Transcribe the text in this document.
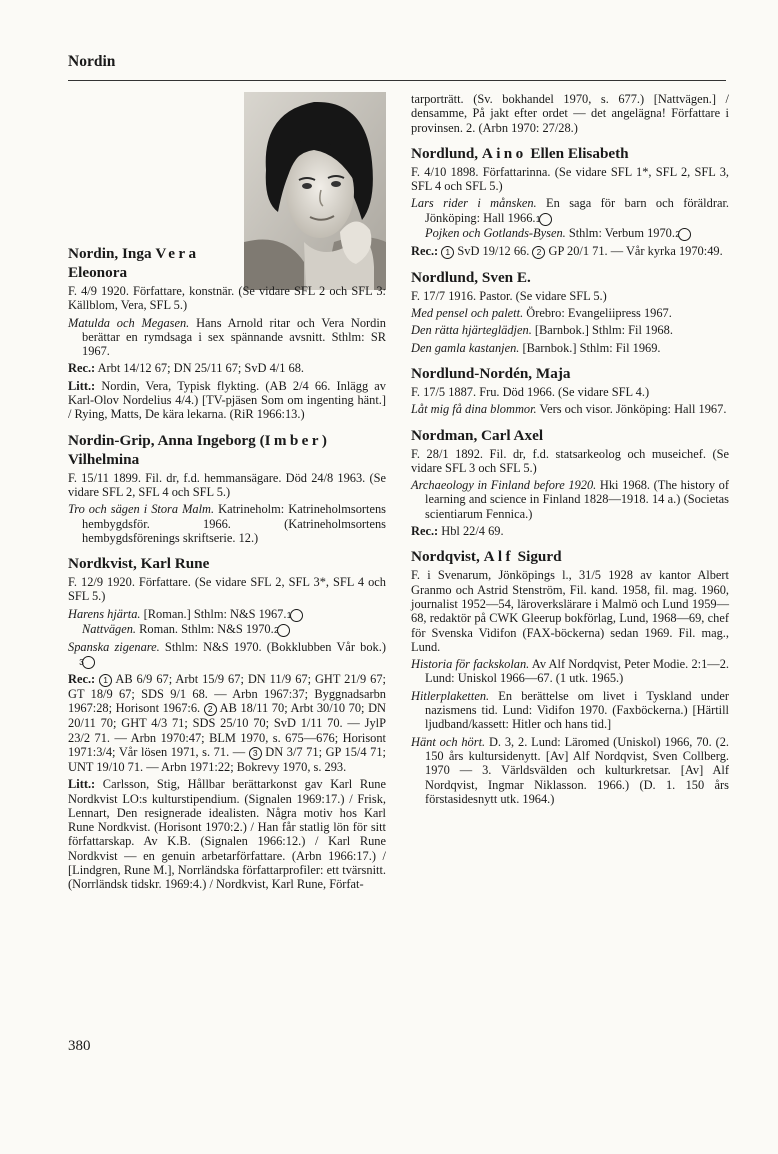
Nordin
Nordin, Inga Vera
Eleonora

F. 4/9 1920. Författare, konstnär. (Se vidare SFL 2 och SFL 3: Källblom, Vera, SFL 5.)

Matulda och Megasen. Hans Arnold ritar och Vera Nordin berättar en rymdsaga i sex spännande avsnitt. Sthlm: SR 1967.

Rec.: Arbt 14/12 67; DN 25/11 67; SvD 4/1 68.

Litt.: Nordin, Vera, Typisk flykting. (AB 2/4 66. Inlägg av Karl-Olov Nordelius 4/4.) [TV-pjäsen Som om ingenting hänt.] / Rying, Matts, De kära lekarna. (RiR 1966:13.)

Nordin-Grip, Anna Ingeborg (Imber) Vilhelmina

F. 15/11 1899. Fil. dr, f.d. hemmansägare. Död 24/8 1963. (Se vidare SFL 2, SFL 4 och SFL 5.)

Tro och sägen i Stora Malm. Katrineholm: Katrineholmsortens hembygdsför. 1966. (Katrineholmsortens hembygdsförenings skriftserie. 12.)

Nordkvist, Karl Rune

F. 12/9 1920. Författare. (Se vidare SFL 2, SFL 3*, SFL 4 och SFL 5.)

Harens hjärta. [Roman.] Sthlm: N&S 1967. 1
Nattvägen. Roman. Sthlm: N&S 1970. 2

Spanska zigenare. Sthlm: N&S 1970. (Bokklubben Vår bok.) 3

Rec.: 1 AB 6/9 67; Arbt 15/9 67; DN 11/9 67; GHT 21/9 67; GT 18/9 67; SDS 9/1 68. — Arbn 1967:37; Byggnadsarbn 1967:28; Horisont 1967:6. 2 AB 18/11 70; Arbt 30/10 70; DN 20/11 70; GHT 4/3 71; SDS 25/10 70; SvD 1/11 70. — JylP 23/2 71. — Arbn 1970:47; BLM 1970, s. 675—676; Horisont 1971:3/4; Vår lösen 1971, s. 71. — 3 DN 3/7 71; GP 15/4 71; UNT 19/10 71. — Arbn 1971:22; Bokrevy 1970, s. 293.

Litt.: Carlsson, Stig, Hållbar berättarkonst gav Karl Rune Nordkvist LO:s kulturstipendium. (Signalen 1969:17.) / Frisk, Lennart, Den resignerade idealisten. Några motiv hos Karl Rune Nordkvist. (Horisont 1970:2.) / Han får statlig lön för sitt författarskap. Av K.B. (Signalen 1966:12.) / Karl Rune Nordkvist — en genuin arbetarförfattare. (Arbn 1966:17.) / [Lindgren, Rune M.], Norrländska författarprofiler: ett tvärsnitt. (Norrländsk tidskr. 1969:4.) / Nordkvist, Karl Rune, Förfat-

tarporträtt. (Sv. bokhandel 1970, s. 677.) [Nattvägen.] / densamme, På jakt efter ordet — det angelägna! Författare i provinsen. 2. (Arbn 1970: 27/28.)

Nordlund, Aino Ellen Elisabeth

F. 4/10 1898. Författarinna. (Se vidare SFL 1*, SFL 2, SFL 3, SFL 4 och SFL 5.)

Lars rider i månsken. En saga för barn och föräldrar. Jönköping: Hall 1966. 1
Pojken och Gotlands-Bysen. Sthlm: Verbum 1970. 2

Rec.: 1 SvD 19/12 66. 2 GP 20/1 71. — Vår kyrka 1970:49.

Nordlund, Sven E.

F. 17/7 1916. Pastor. (Se vidare SFL 5.)

Med pensel och palett. Örebro: Evangeliipress 1967.

Den rätta hjärteglädjen. [Barnbok.] Sthlm: Fil 1968.

Den gamla kastanjen. [Barnbok.] Sthlm: Fil 1969.

Nordlund-Nordén, Maja

F. 17/5 1887. Fru. Död 1966. (Se vidare SFL 4.)

Låt mig få dina blommor. Vers och visor. Jönköping: Hall 1967.

Nordman, Carl Axel

F. 28/1 1892. Fil. dr, f.d. statsarkeolog och museichef. (Se vidare SFL 3 och SFL 5.)

Archaeology in Finland before 1920. Hki 1968. (The history of learning and science in Finland 1828—1918. 14 a.) (Societas scientiarum Fennica.)

Rec.: Hbl 22/4 69.

Nordqvist, Alf Sigurd

F. i Svenarum, Jönköpings l., 31/5 1928 av kantor Albert Granmo och Astrid Stenström, Fil. kand. 1958, fil. mag. 1960, journalist 1952—54, läroverkslärare i Malmö och Lund 1959—68, redaktör på CWK Gleerup bokförlag, Lund, 1968—69, chef för Svenska Vidifon (FAX-böckerna) sedan 1969. Fil. mag., Lund.

Historia för fackskolan. Av Alf Nordqvist, Peter Modie. 2:1—2. Lund: Uniskol 1966—67. (1 utk. 1965.)

Hitlerplaketten. En berättelse om livet i Tyskland under nazismens tid. Lund: Vidifon 1970. (Faxböckerna.) [Härtill ljudband/kassett: Hitler och hans tid.]

Hänt och hört. D. 3, 2. Lund: Läromed (Uniskol) 1966, 70. (2. 150 års kultursidenytt. [Av] Alf Nordqvist, Sven Collberg. 1970 — 3. Världsvälden och kulturkretsar. [Av] Alf Nordqvist, Ingmar Niklasson. 1966.) (D. 1. 150 års förstasidesnytt utk. 1964.)

380
